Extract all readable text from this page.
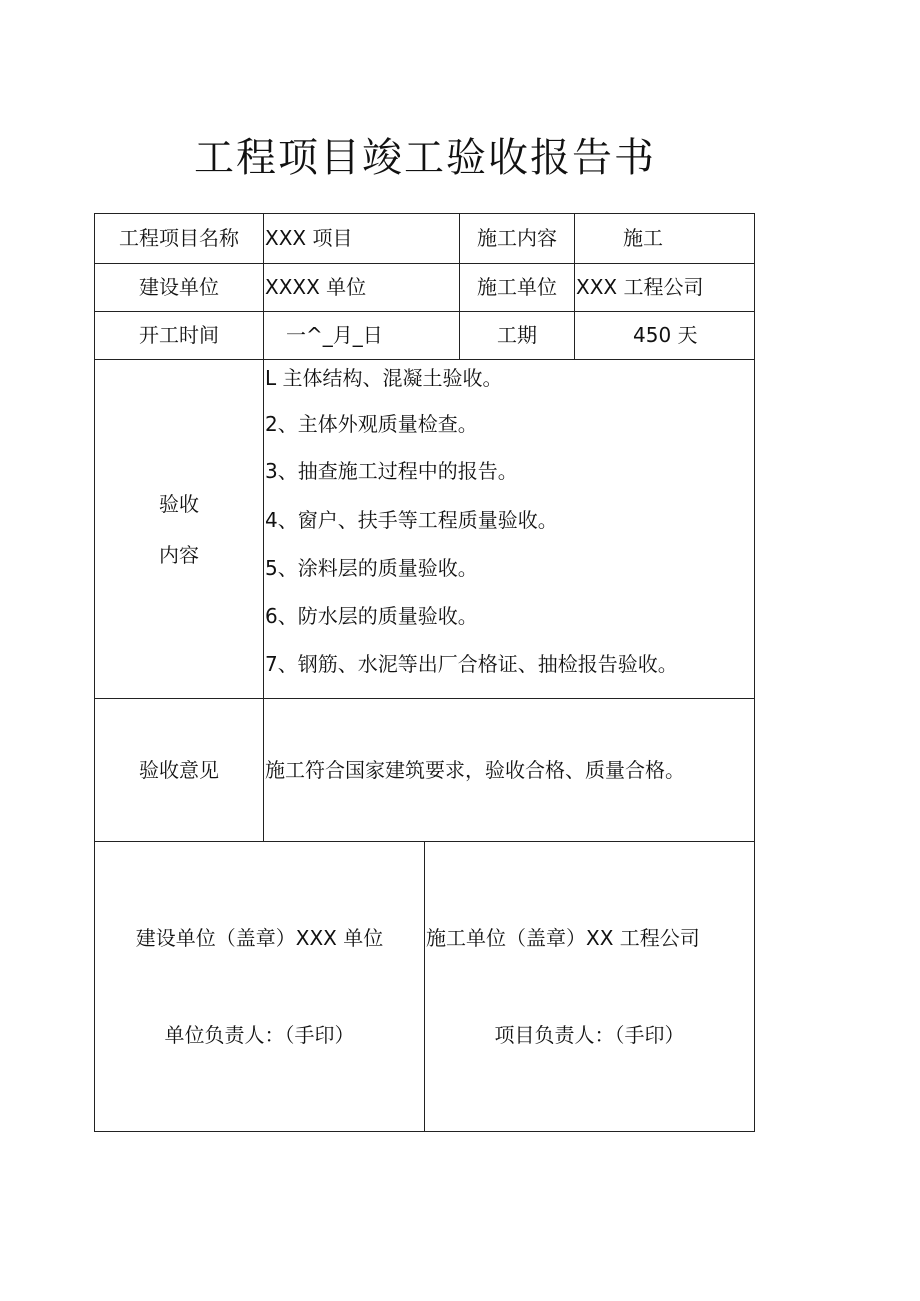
工程项目竣工验收报告书
工程项目名称	XXX 项目	施工内容	施工
建设单位	XXXX 单位	施工单位 XXX 工程公司
开工时间	一^_月_日	工期	450 天
验收
内容
L 主体结构、混凝土验收。
2、主体外观质量检查。
3、抽查施工过程中的报告。
4、窗户、扶手等工程质量验收。
5、涂料层的质量验收。
6、防水层的质量验收。
7、钢筋、水泥等出厂合格证、抽检报告验收。
验收意见	施工符合国家建筑要求，验收合格、质量合格。
建设单位（盖章）XXX 单位
单位负责人：（手印）
施工单位（盖章）XX 工程公司
项目负责人：（手印）
